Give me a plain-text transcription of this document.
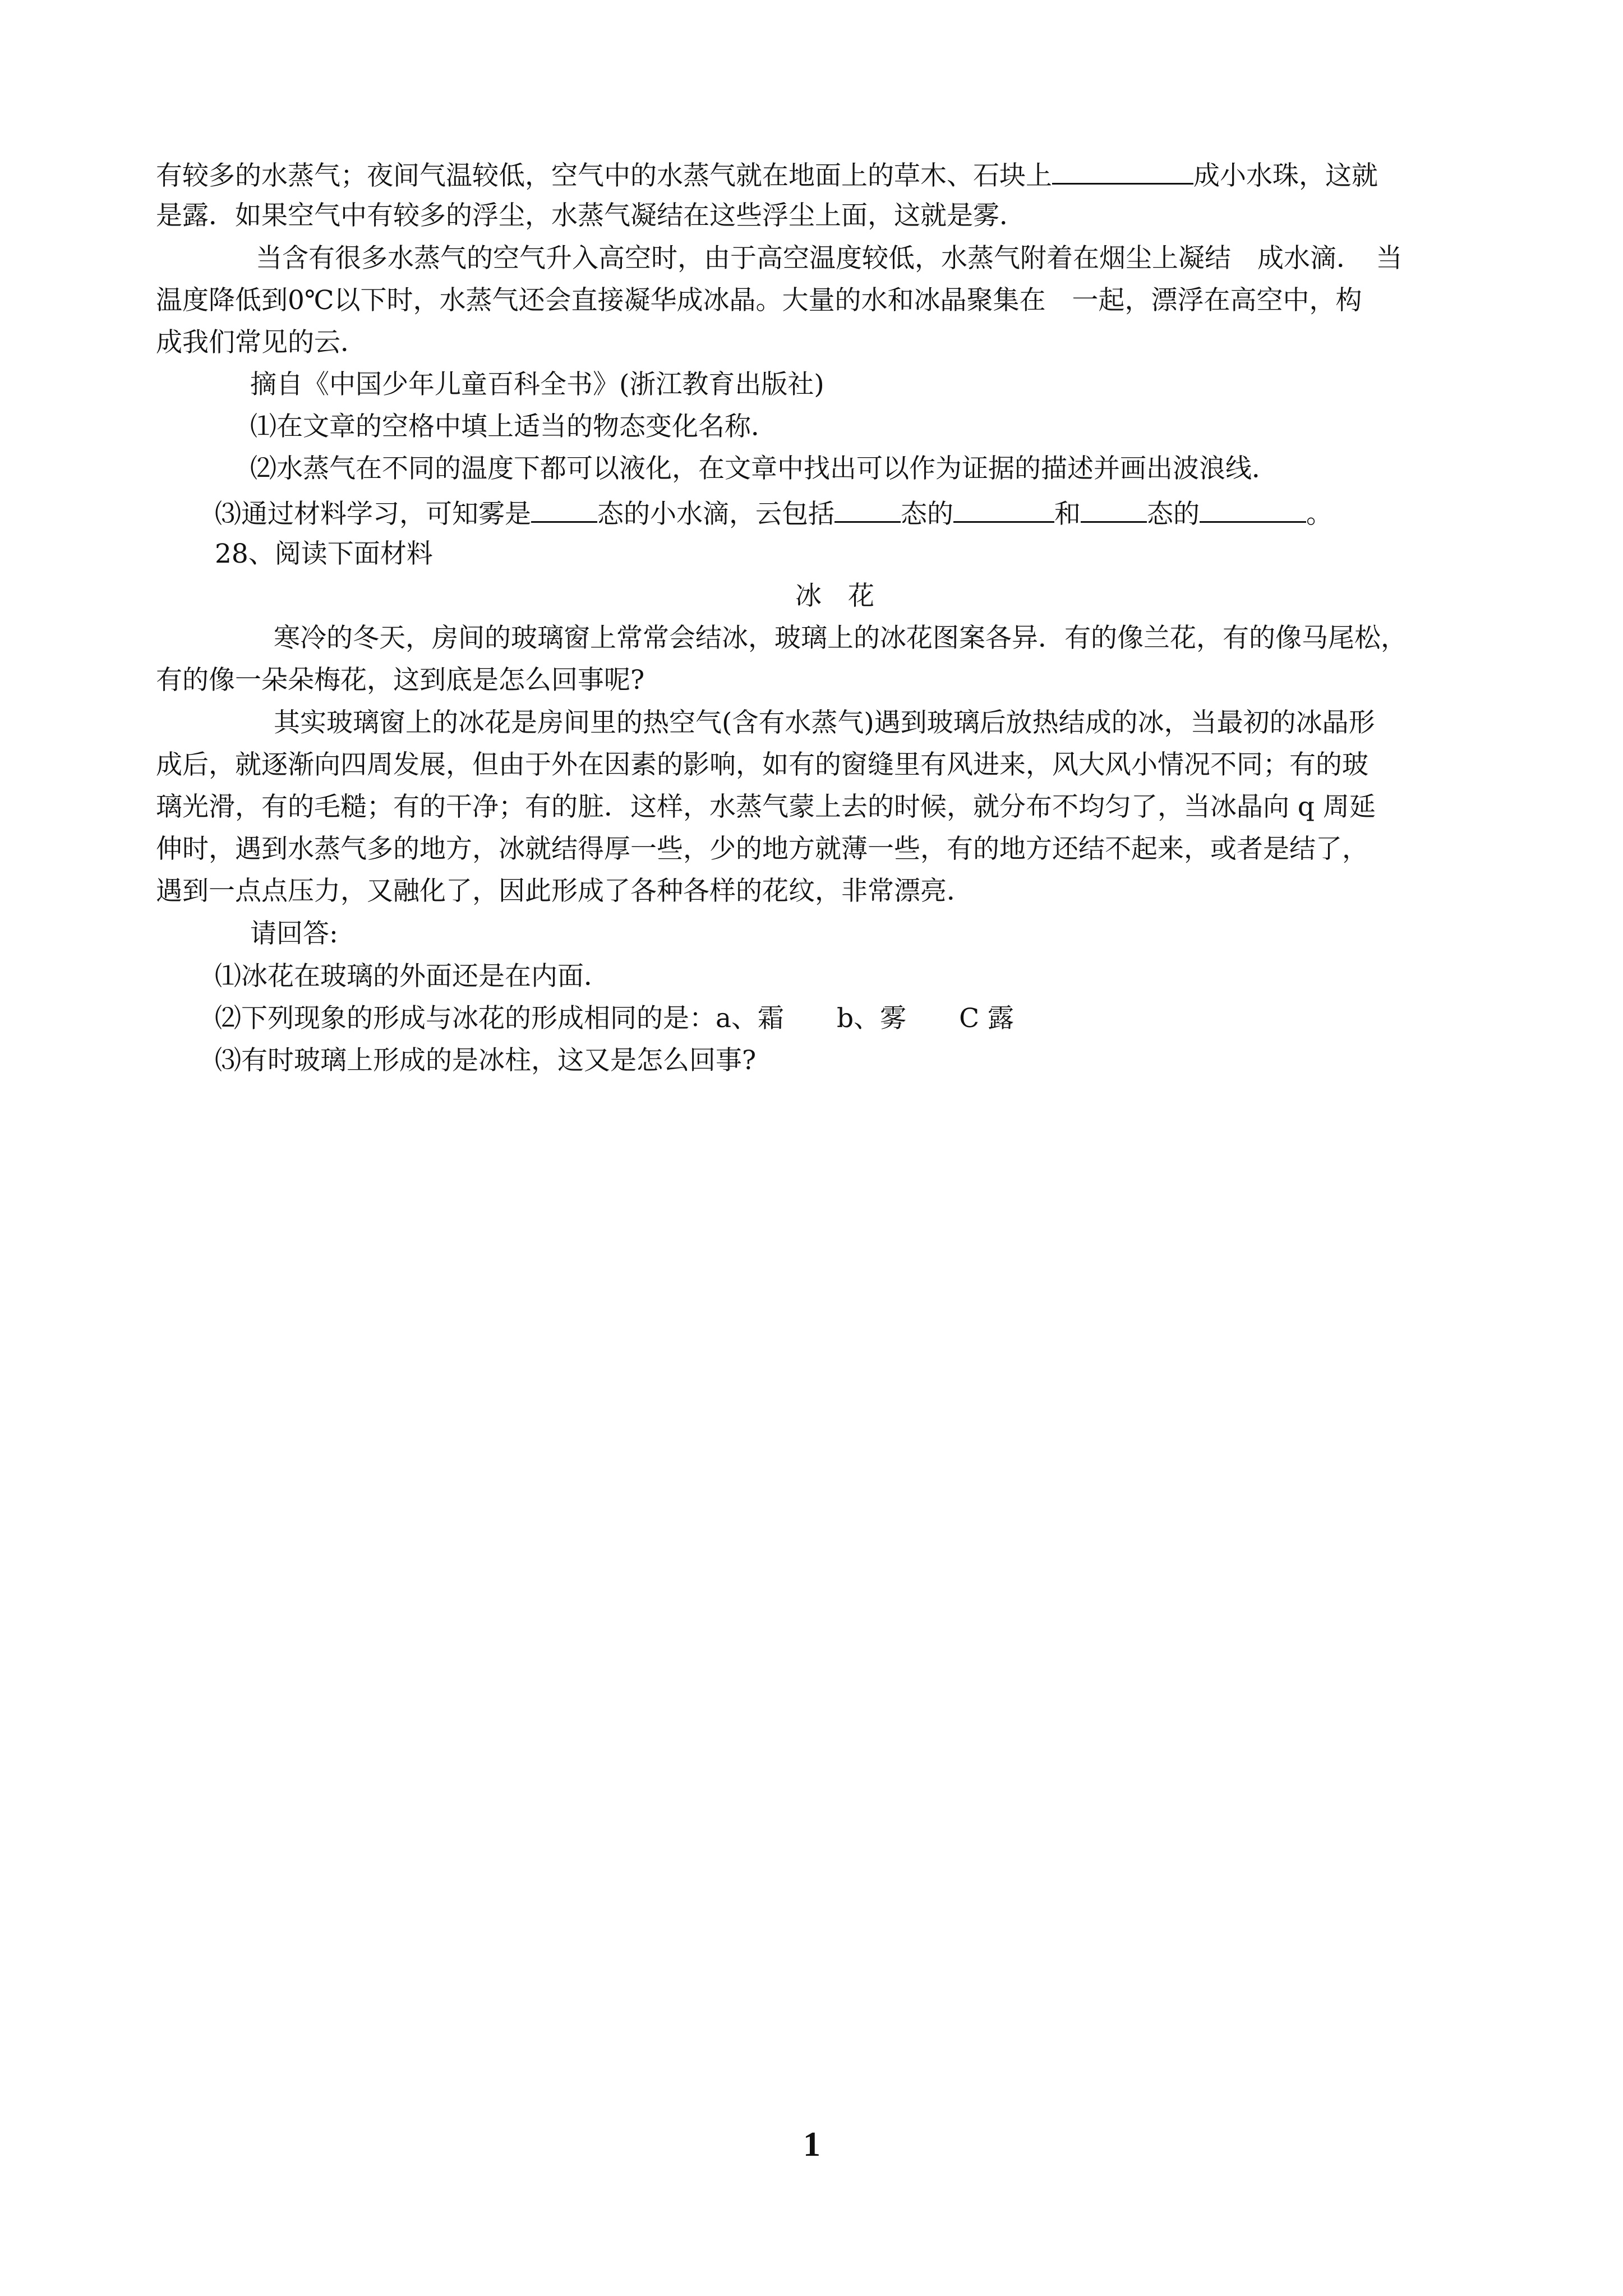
有较多的水蒸气；夜间气温较低，空气中的水蒸气就在地面上的草木、石块上	成小水珠，这就
是露．如果空气中有较多的浮尘，水蒸气凝结在这些浮尘上面，这就是雾．
当含有很多水蒸气的空气升入高空时，由于高空温度较低，水蒸气附着在烟尘上凝结　成水滴．　当
温度降低到0℃以下时，水蒸气还会直接凝华成冰晶。大量的水和冰晶聚集在　一起，漂浮在高空中，构
成我们常见的云．
摘自《中国少年儿童百科全书》(浙江教育出版社)
⑴在文章的空格中填上适当的物态变化名称．
⑵水蒸气在不同的温度下都可以液化，在文章中找出可以作为证据的描述并画出波浪线．
⑶通过材料学习，可知雾是	态的小水滴，云包括	态的	和	态的	。
28、阅读下面材料
冰　花
寒冷的冬天，房间的玻璃窗上常常会结冰，玻璃上的冰花图案各异．有的像兰花，有的像马尾松，
有的像一朵朵梅花，这到底是怎么回事呢?
其实玻璃窗上的冰花是房间里的热空气(含有水蒸气)遇到玻璃后放热结成的冰，当最初的冰晶形
成后，就逐渐向四周发展，但由于外在因素的影响，如有的窗缝里有风进来，风大风小情况不同；有的玻
璃光滑，有的毛糙；有的干净；有的脏．这样，水蒸气蒙上去的时候，就分布不均匀了，当冰晶向 q 周延
伸时，遇到水蒸气多的地方，冰就结得厚一些，少的地方就薄一些，有的地方还结不起来，或者是结了，
遇到一点点压力，又融化了，因此形成了各种各样的花纹，非常漂亮．
请回答:
⑴冰花在玻璃的外面还是在内面．
⑵下列现象的形成与冰花的形成相同的是：a、霜　　b、雾　　C 露
⑶有时玻璃上形成的是冰柱，这又是怎么回事?
1
